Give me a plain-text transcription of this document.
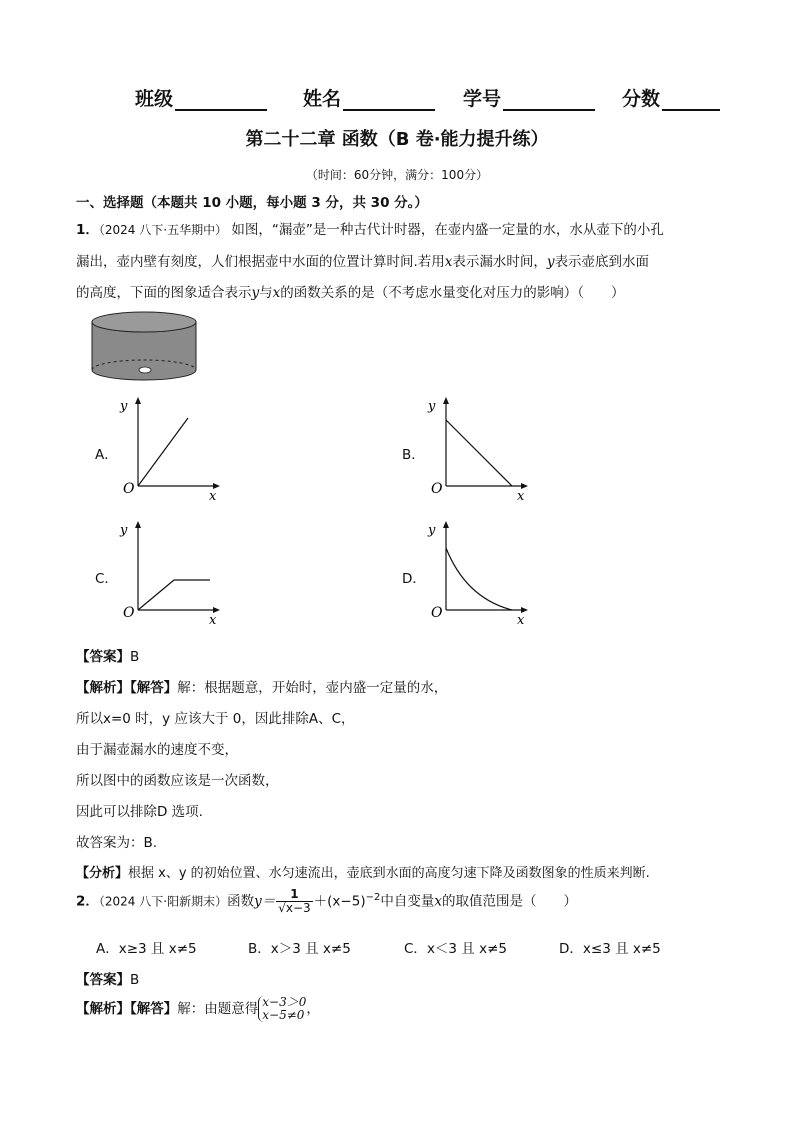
班级	姓名	学号	分数
第二十二章 函数（B 卷·能力提升练）
（时间：60分钟，满分：100分）
一、选择题（本题共 10 小题，每小题 3 分，共 30 分。）
1．（2024 八下·五华期中） 如图，“漏壶”是一种古代计时器，在壶内盛一定量的水，水从壶下的小孔
漏出，壶内壁有刻度，人们根据壶中水面的位置计算时间.若用x表示漏水时间，y表示壶底到水面
的高度，下面的图象适合表示y与x的函数关系的是（不考虑水量变化对压力的影响）（　　）
A．
y
O	x
B．
y
O	x
C．
y
O	x
D．
y
O	x
【答案】B
【解析】【解答】解：根据题意，开始时，壶内盛一定量的水，
所以x=0 时，y 应该大于 0，因此排除A、C，
由于漏壶漏水的速度不变，
所以图中的函数应该是一次函数，
因此可以排除D 选项.
故答案为：B.
【分析】根据 x、y 的初始位置、水匀速流出，壶底到水面的高度匀速下降及函数图象的性质来判断.
2．（2024 八下·阳新期末）函数$y= \frac{1}{√x-3} +(x-5)^{-2}$中自变量x的取值范围是（　　）
A．x≥3 且 x≠5	B．x＞3 且 x≠5	C．x＜3 且 x≠5	D．x≤3 且 x≠5
【答案】B
【解析】【解答】解：由题意得 x−3＞0
x−5≠0 ，
